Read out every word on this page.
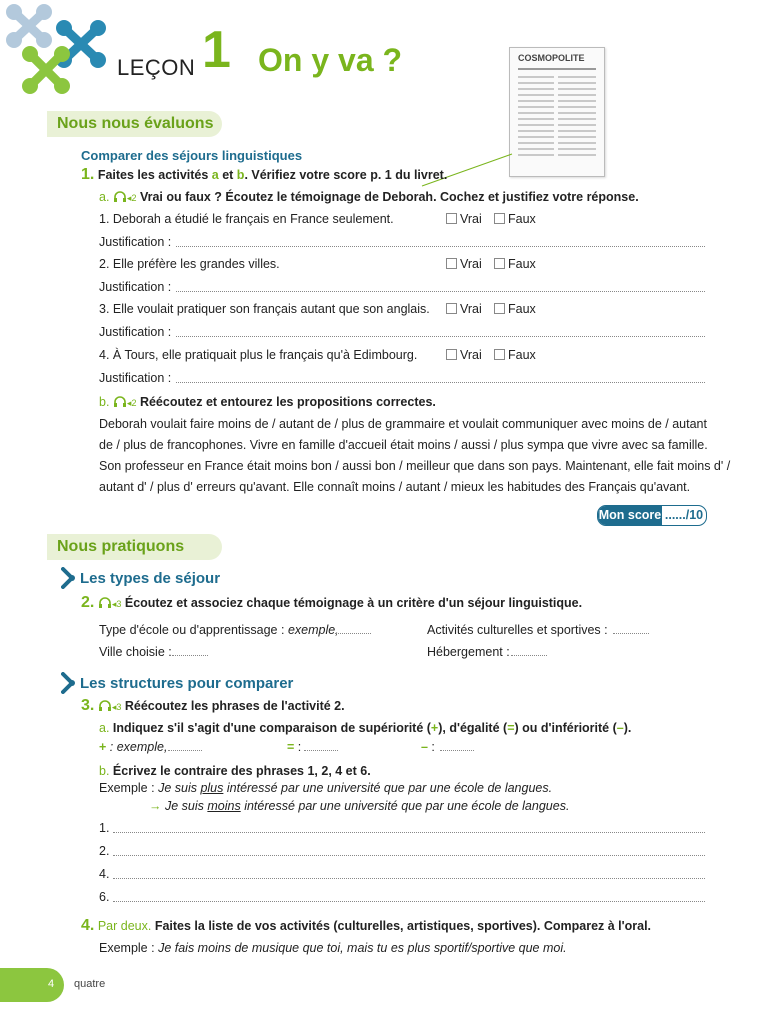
LEÇON 1 On y va ?	COSMOPOLITE
Nous nous évaluons
Comparer des séjours linguistiques
1. Faites les activités a et b. Vérifiez votre score p. 1 du livret.
a. ◂2 Vrai ou faux ? Écoutez le témoignage de Deborah. Cochez et justifiez votre réponse.
1. Deborah a étudié le français en France seulement.	Vrai	Faux
Justification :
2. Elle préfère les grandes villes.	Vrai	Faux
Justification :
3. Elle voulait pratiquer son français autant que son anglais.	Vrai	Faux
Justification :
4. À Tours, elle pratiquait plus le français qu'à Edimbourg.	Vrai	Faux
Justification :
b. ◂2 Réécoutez et entourez les propositions correctes.
Deborah voulait faire moins de / autant de / plus de grammaire et voulait communiquer avec moins de / autant
de / plus de francophones. Vivre en famille d'accueil était moins / aussi / plus sympa que vivre avec sa famille.
Son professeur en France était moins bon / aussi bon / meilleur que dans son pays. Maintenant, elle fait moins d' /
autant d' / plus d' erreurs qu'avant. Elle connaît moins / autant / mieux les habitudes des Français qu'avant.
Mon score ....../10
Nous pratiquons
Les types de séjour
2. ◂3 Écoutez et associez chaque témoignage à un critère d'un séjour linguistique.
Type d'école ou d'apprentissage : exemple,	Activités culturelles et sportives :
Ville choisie :	Hébergement :
Les structures pour comparer
3. ◂3 Réécoutez les phrases de l'activité 2.
a. Indiquez s'il s'agit d'une comparaison de supériorité (+), d'égalité (=) ou d'infériorité (–).
+ : exemple,	= :	– :
b. Écrivez le contraire des phrases 1, 2, 4 et 6.
Exemple : Je suis plus intéressé par une université que par une école de langues.
→ Je suis moins intéressé par une université que par une école de langues.
1.
2.
4.
6.
4. Par deux. Faites la liste de vos activités (culturelles, artistiques, sportives). Comparez à l'oral.
Exemple : Je fais moins de musique que toi, mais tu es plus sportif/sportive que moi.
4 quatre
